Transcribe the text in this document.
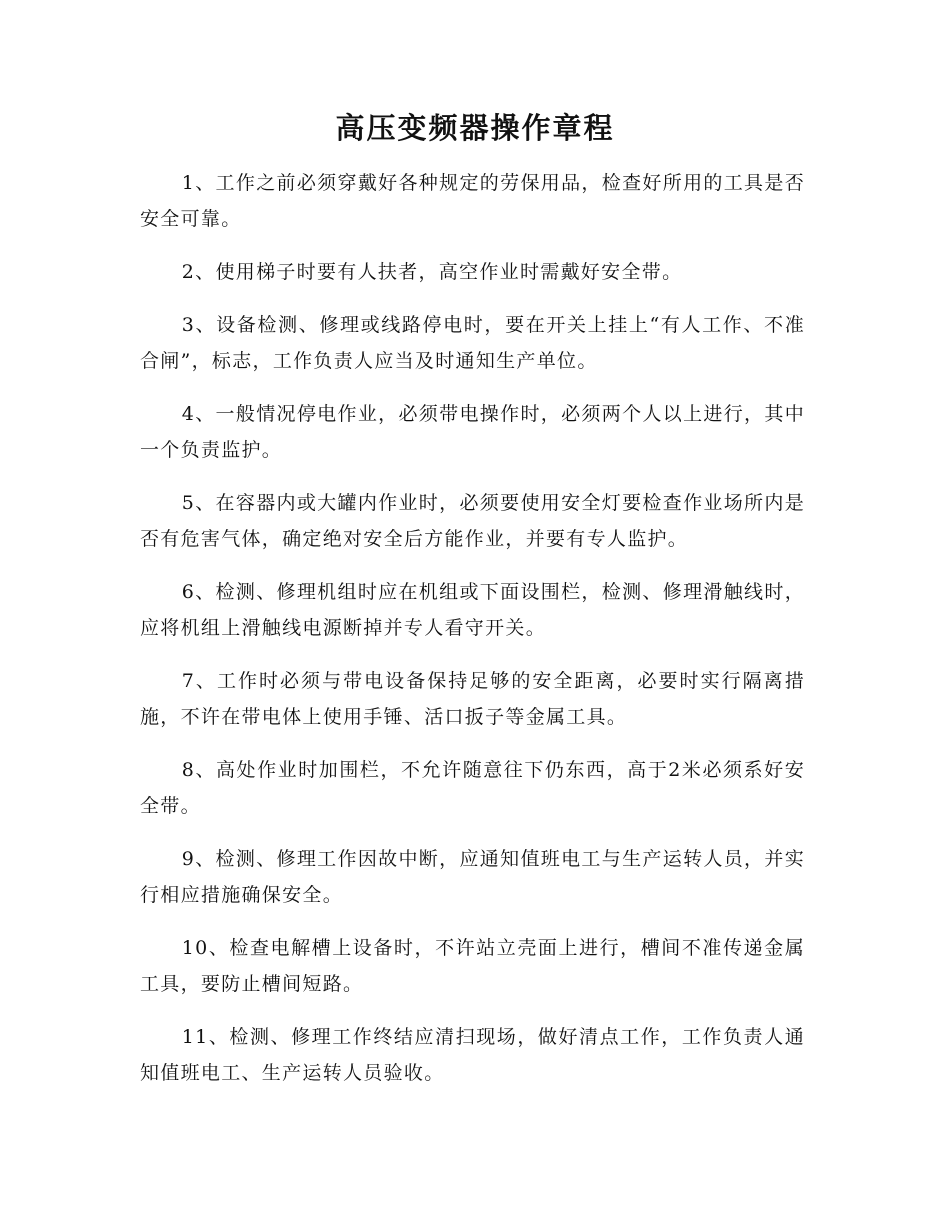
高压变频器操作章程

1、工作之前必须穿戴好各种规定的劳保用品，检查好所用的工具是否安全可靠。

2、使用梯子时要有人扶者，高空作业时需戴好安全带。

3、设备检测、修理或线路停电时，要在开关上挂上“有人工作、不准合闸”，标志，工作负责人应当及时通知生产单位。

4、一般情况停电作业，必须带电操作时，必须两个人以上进行，其中一个负责监护。

5、在容器内或大罐内作业时，必须要使用安全灯要检查作业场所内是否有危害气体，确定绝对安全后方能作业，并要有专人监护。

6、检测、修理机组时应在机组或下面设围栏，检测、修理滑触线时，应将机组上滑触线电源断掉并专人看守开关。

7、工作时必须与带电设备保持足够的安全距离，必要时实行隔离措施，不许在带电体上使用手锤、活口扳子等金属工具。

8、高处作业时加围栏，不允许随意往下仍东西，高于2米必须系好安全带。

9、检测、修理工作因故中断，应通知值班电工与生产运转人员，并实行相应措施确保安全。

10、检查电解槽上设备时，不许站立壳面上进行，槽间不准传递金属工具，要防止槽间短路。

11、检测、修理工作终结应清扫现场，做好清点工作，工作负责人通知值班电工、生产运转人员验收。
